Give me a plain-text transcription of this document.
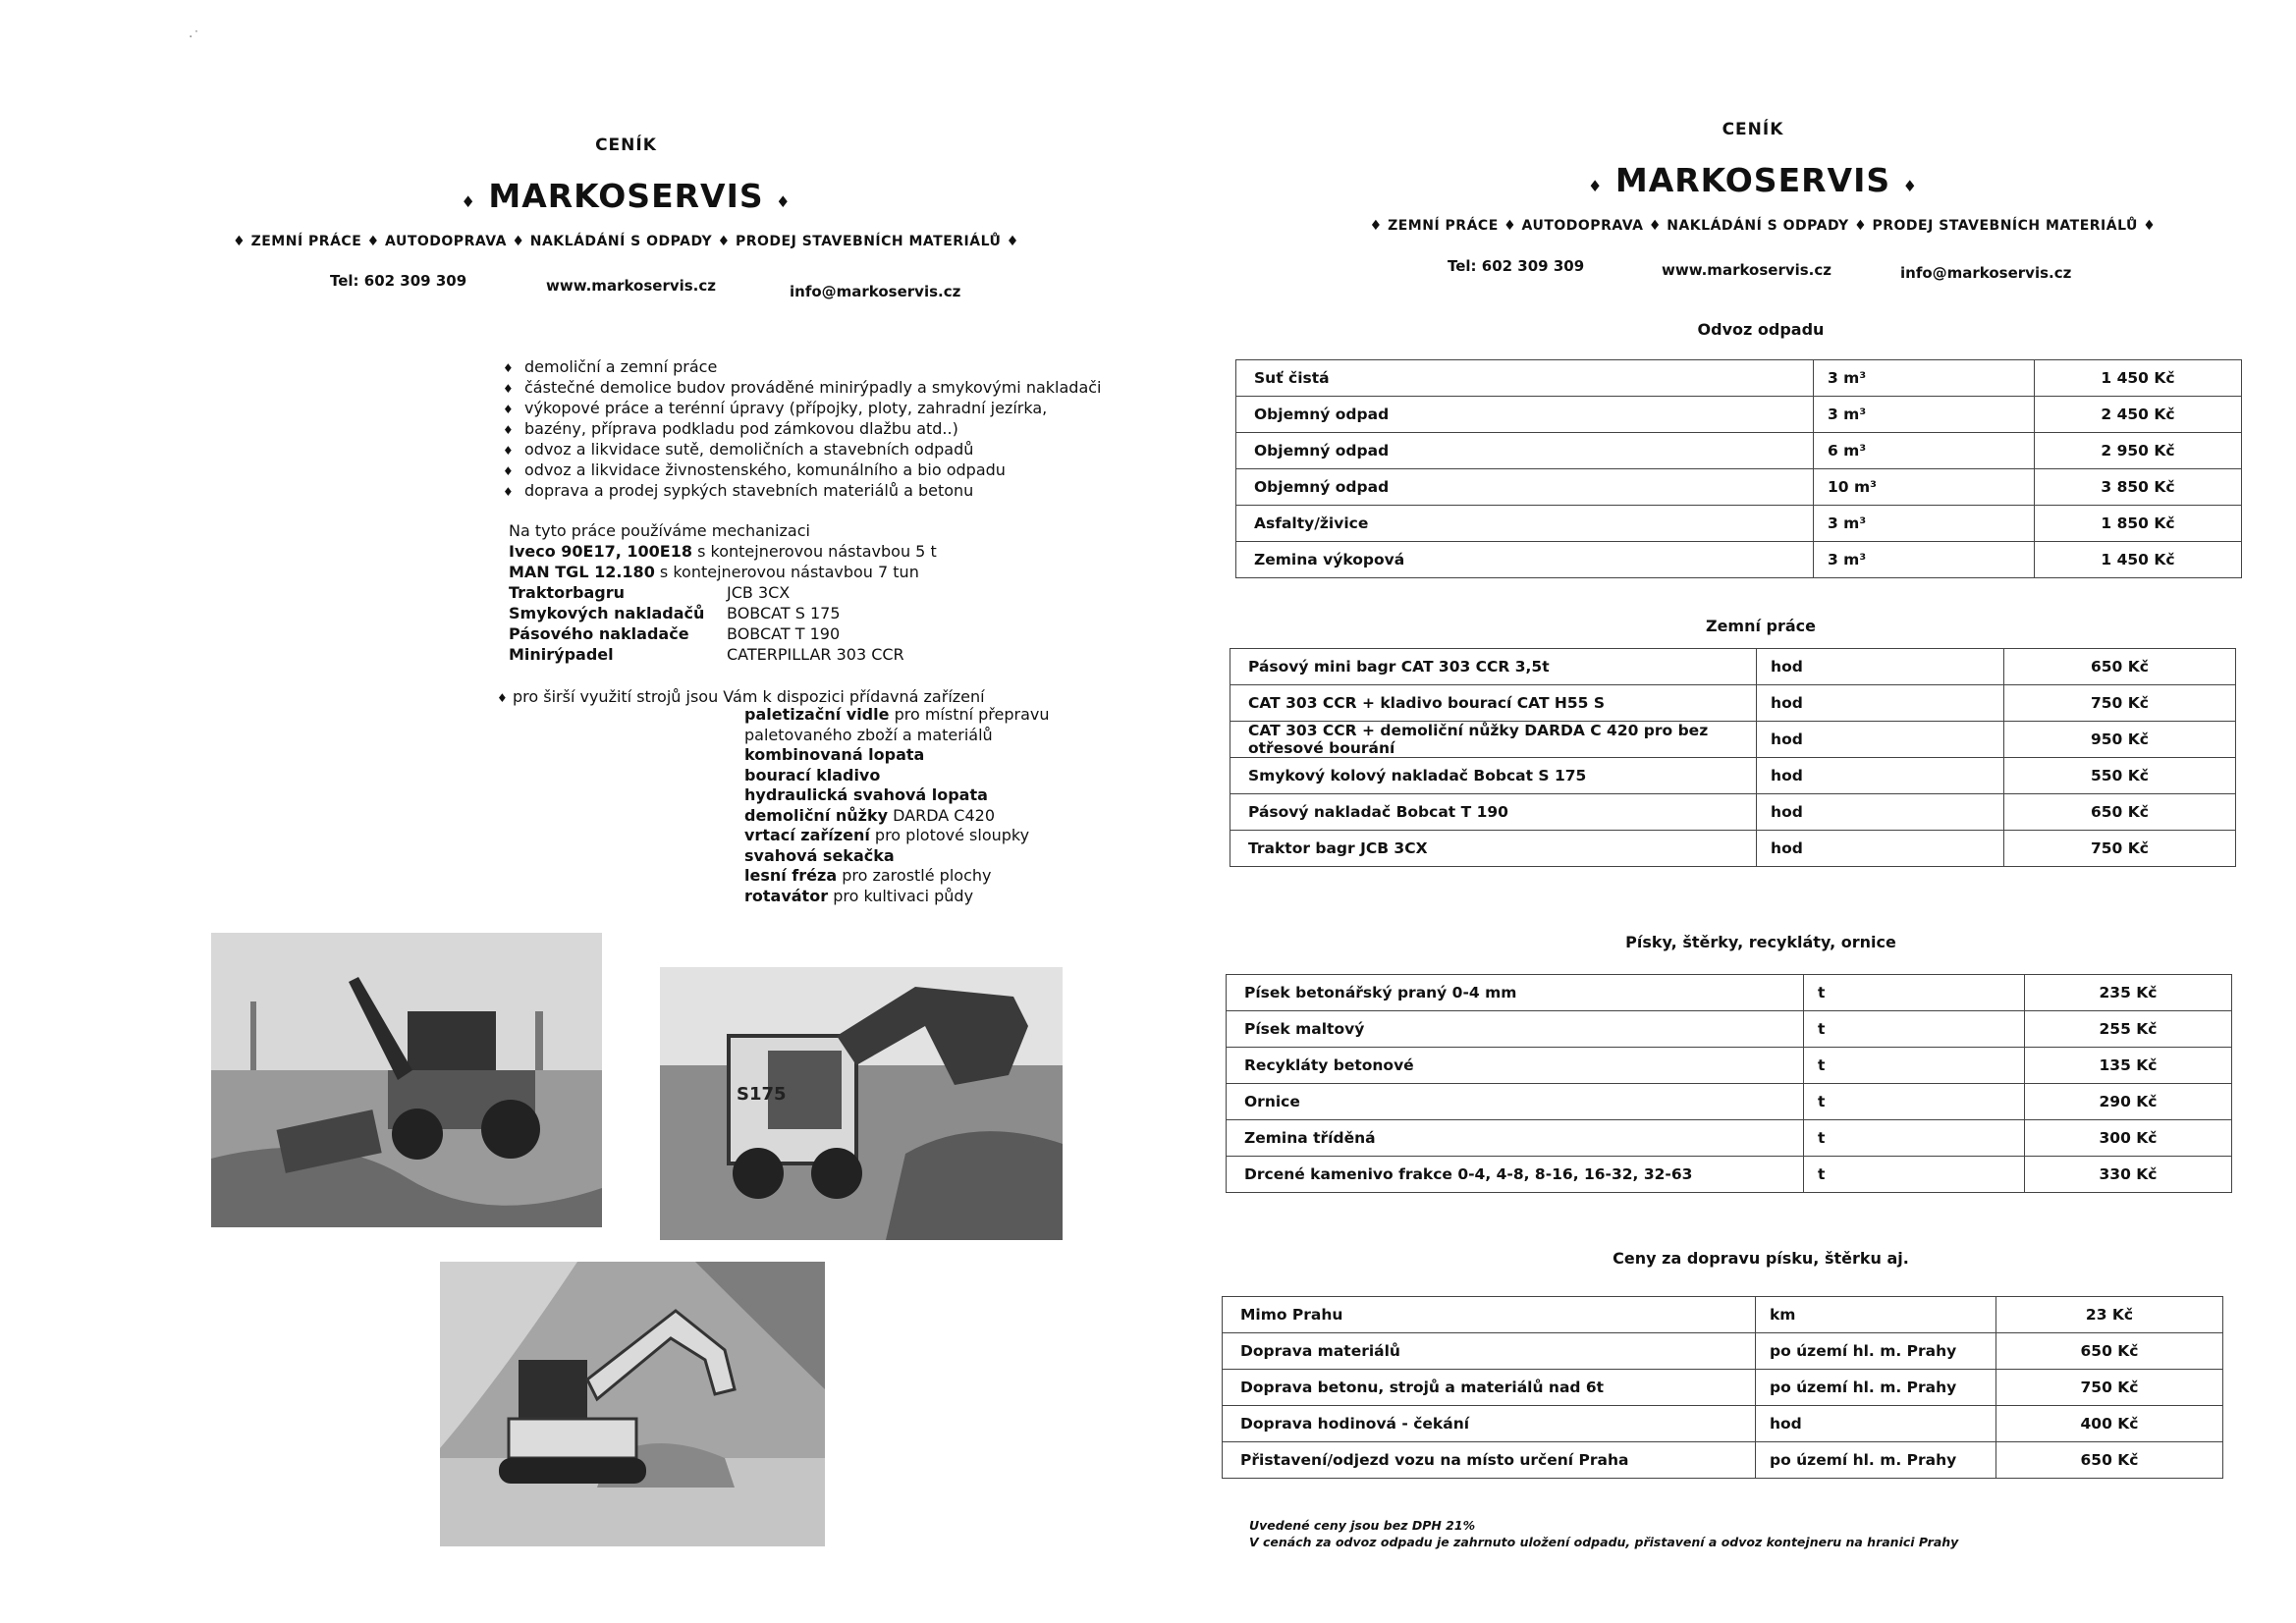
·˙
CENÍK
♦ MARKOSERVIS ♦
♦ ZEMNÍ PRÁCE ♦ AUTODOPRAVA ♦ NAKLÁDÁNÍ S ODPADY ♦ PRODEJ STAVEBNÍCH MATERIÁLŮ ♦
Tel: 602 309 309	www.markoservis.cz	info@markoservis.cz
♦ demoliční a zemní práce
♦ částečné demolice budov prováděné minirýpadly a smykovými nakladači
♦ výkopové práce a terénní úpravy (přípojky, ploty, zahradní jezírka,
♦ bazény, příprava podkladu pod zámkovou dlažbu atd..)
♦ odvoz a likvidace sutě, demoličních a stavebních odpadů
♦ odvoz a likvidace živnostenského, komunálního a bio odpadu
♦ doprava a prodej sypkých stavebních materiálů a betonu
Na tyto práce používáme mechanizaci
Iveco 90E17, 100E18 s kontejnerovou nástavbou 5 t
MAN TGL 12.180 s kontejnerovou nástavbou 7 tun
Traktorbagru	JCB 3CX
Smykových nakladačů BOBCAT S 175
Pásového nakladače BOBCAT T 190
Minirýpadel	CATERPILLAR 303 CCR
♦ pro širší využití strojů jsou Vám k dispozici přídavná zařízení
paletizační vidle pro místní přepravu
paletovaného zboží a materiálů
kombinovaná lopata
bourací kladivo
hydraulická svahová lopata
demoliční nůžky DARDA C420
vrtací zařízení pro plotové sloupky
svahová sekačka
lesní fréza pro zarostlé plochy
rotavátor pro kultivaci půdy
S175
CENÍK
♦ MARKOSERVIS ♦
♦ ZEMNÍ PRÁCE ♦ AUTODOPRAVA ♦ NAKLÁDÁNÍ S ODPADY ♦ PRODEJ STAVEBNÍCH MATERIÁLŮ ♦
Tel: 602 309 309	www.markoservis.cz	info@markoservis.cz
Odvoz odpadu
Suť čistá	3 m³	1 450 Kč
Objemný odpad	3 m³	2 450 Kč
Objemný odpad	6 m³	2 950 Kč
Objemný odpad	10 m³	3 850 Kč
Asfalty/živice	3 m³	1 850 Kč
Zemina výkopová	3 m³	1 450 Kč
Zemní práce
Pásový mini bagr CAT 303 CCR 3,5t	hod	650 Kč
CAT 303 CCR + kladivo bourací CAT H55 S	hod	750 Kč
CAT 303 CCR + demoliční nůžky DARDA C 420 pro bez otřesové bourání	hod	950 Kč
Smykový kolový nakladač Bobcat S 175	hod	550 Kč
Pásový nakladač Bobcat T 190	hod	650 Kč
Traktor bagr JCB 3CX	hod	750 Kč
Písky, štěrky, recykláty, ornice
Písek betonářský praný 0-4 mm	t	235 Kč
Písek maltový	t	255 Kč
Recykláty betonové	t	135 Kč
Ornice	t	290 Kč
Zemina tříděná	t	300 Kč
Drcené kamenivo frakce 0-4, 4-8, 8-16, 16-32, 32-63	t	330 Kč
Ceny za dopravu písku, štěrku aj.
Mimo Prahu	km	23 Kč
Doprava materiálů	po území hl. m. Prahy	650 Kč
Doprava betonu, strojů a materiálů nad 6t	po území hl. m. Prahy	750 Kč
Doprava hodinová - čekání	hod	400 Kč
Přistavení/odjezd vozu na místo určení Praha	po území hl. m. Prahy	650 Kč
Uvedené ceny jsou bez DPH 21%
V cenách za odvoz odpadu je zahrnuto uložení odpadu, přistavení a odvoz kontejneru na hranici Prahy
